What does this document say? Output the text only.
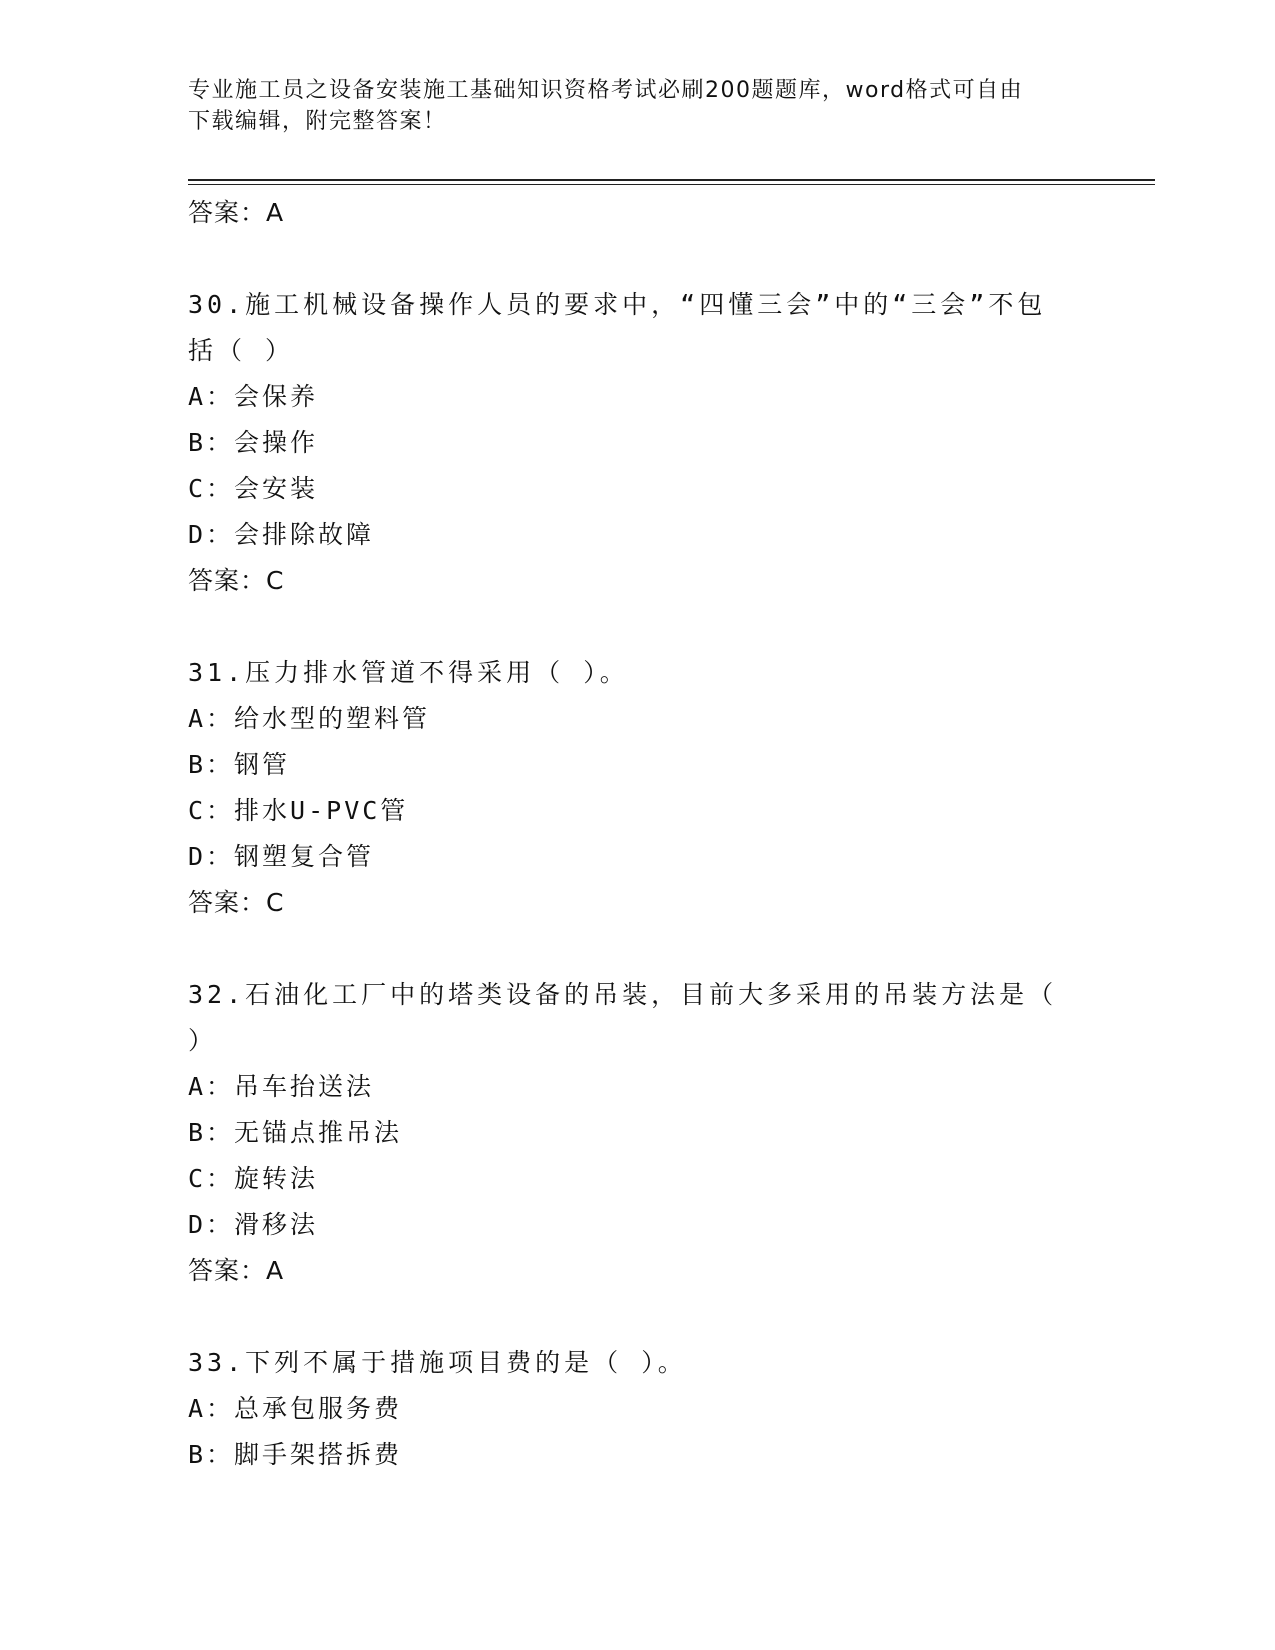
专业施工员之设备安装施工基础知识资格考试必刷200题题库，word格式可自由
下载编辑，附完整答案！
答案：A
30.施工机械设备操作人员的要求中，“四懂三会”中的“三会”不包
括（ ）
A：会保养
B：会操作
C：会安装
D：会排除故障
答案：C
31.压力排水管道不得采用（ ）。
A：给水型的塑料管
B：钢管
C：排水U-PVC管
D：钢塑复合管
答案：C
32.石油化工厂中的塔类设备的吊装，目前大多采用的吊装方法是（
）
A：吊车抬送法
B：无锚点推吊法
C：旋转法
D：滑移法
答案：A
33.下列不属于措施项目费的是（ ）。
A：总承包服务费
B：脚手架搭拆费
